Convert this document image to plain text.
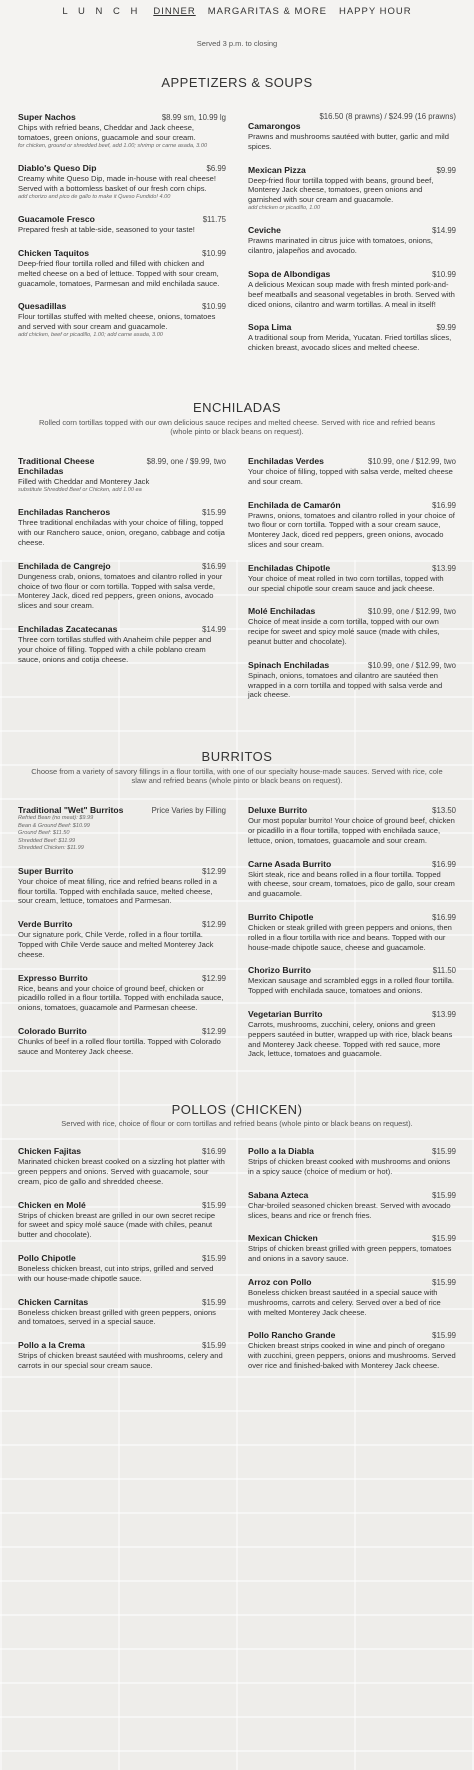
L U N C H DINNER MARGARITAS & MORE HAPPY HOUR
Served 3 p.m. to closing
APPETIZERS & SOUPS
Super Nachos	$8.99 sm, 10.99 lg
Chips with refried beans, Cheddar and Jack cheese, tomatoes, green onions, guacamole and sour cream.
for chicken, ground or shredded beef, add 1.00; shrimp or carne asada, 3.00
Diablo's Queso Dip	$6.99
Creamy white Queso Dip, made in-house with real cheese! Served with a bottomless basket of our fresh corn chips.
add chorizo and pico de gallo to make it Queso Fundido! 4.00
Guacamole Fresco	$11.75
Prepared fresh at table-side, seasoned to your taste!
Chicken Taquitos	$10.99
Deep-fried flour tortilla rolled and filled with chicken and melted cheese on a bed of lettuce. Topped with sour cream, guacamole, tomatoes, Parmesan and mild enchilada sauce.
Quesadillas	$10.99
Flour tortillas stuffed with melted cheese, onions, tomatoes and served with sour cream and guacamole.
add chicken, beef or picadillo, 1.00; add carne asada, 3.00
$16.50 (8 prawns) / $24.99 (16 prawns)
Camarongos
Prawns and mushrooms sautéed with butter, garlic and mild spices.
Mexican Pizza	$9.99
Deep-fried flour tortilla topped with beans, ground beef, Monterey Jack cheese, tomatoes, green onions and garnished with sour cream and guacamole.
add chicken or picadillo, 1.00
Ceviche	$14.99
Prawns marinated in citrus juice with tomatoes, onions, cilantro, jalapeños and avocado.
Sopa de Albondigas	$10.99
A delicious Mexican soup made with fresh minted pork-and-beef meatballs and seasonal vegetables in broth. Served with diced onions, cilantro and warm tortillas. A meal in itself!
Sopa Lima	$9.99
A traditional soup from Merida, Yucatan. Fried tortillas slices, chicken breast, avocado slices and melted cheese.
ENCHILADAS
Rolled corn tortillas topped with our own delicious sauce recipes and melted cheese. Served with rice and refried beans (whole pinto or black beans on request).
Traditional Cheese Enchiladas
$8.99, one / $9.99, two
Filled with Cheddar and Monterey Jack
substitute Shredded Beef or Chicken, add 1.00 ea
Enchiladas Rancheros	$15.99
Three traditional enchiladas with your choice of filling, topped with our Ranchero sauce, onion, oregano, cabbage and cotija cheese.
Enchilada de Cangrejo	$16.99
Dungeness crab, onions, tomatoes and cilantro rolled in your choice of two flour or corn tortilla. Topped with salsa verde, Monterey Jack, diced red peppers, green onions, avocado slices and sour cream.
Enchiladas Zacatecanas	$14.99
Three corn tortillas stuffed with Anaheim chile pepper and your choice of filling. Topped with a chile poblano cream sauce, onions and cotija cheese.
Enchiladas Verdes	$10.99, one / $12.99, two
Your choice of filling, topped with salsa verde, melted cheese and sour cream.
Enchilada de Camarón	$16.99
Prawns, onions, tomatoes and cilantro rolled in your choice of two flour or corn tortilla. Topped with a sour cream sauce, Monterey Jack, diced red peppers, green onions, avocado slices and sour cream.
Enchiladas Chipotle	$13.99
Your choice of meat rolled in two corn tortillas, topped with our special chipotle sour cream sauce and jack cheese.
Molé Enchiladas	$10.99, one / $12.99, two
Choice of meat inside a corn tortilla, topped with our own recipe for sweet and spicy molé sauce (made with chiles, peanut butter and chocolate).
Spinach Enchiladas	$10.99, one / $12.99, two
Spinach, onions, tomatoes and cilantro are sautéed then wrapped in a corn tortilla and topped with salsa verde and jack cheese.
BURRITOS
Choose from a variety of savory fillings in a flour tortilla, with one of our specialty house-made sauces. Served with rice, cole slaw and refried beans (whole pinto or black beans on request).
Traditional "Wet" Burritos	Price Varies by Filling
Refried Bean (no meat): $9.99
Bean & Ground Beef: $10.99
Ground Beef: $11.50
Shredded Beef: $11.99
Shredded Chicken: $11.99
Super Burrito	$12.99
Your choice of meat filling, rice and refried beans rolled in a flour tortilla. Topped with enchilada sauce, melted cheese, sour cream, lettuce, tomatoes and Parmesan.
Verde Burrito	$12.99
Our signature pork, Chile Verde, rolled in a flour tortilla. Topped with Chile Verde sauce and melted Monterey Jack cheese.
Expresso Burrito	$12.99
Rice, beans and your choice of ground beef, chicken or picadillo rolled in a flour tortilla. Topped with enchilada sauce, onions, tomatoes, guacamole and Parmesan cheese.
Colorado Burrito	$12.99
Chunks of beef in a rolled flour tortilla. Topped with Colorado sauce and Monterey Jack cheese.
Deluxe Burrito	$13.50
Our most popular burrito! Your choice of ground beef, chicken or picadillo in a flour tortilla, topped with enchilada sauce, lettuce, onion, tomatoes, guacamole and sour cream.
Carne Asada Burrito	$16.99
Skirt steak, rice and beans rolled in a flour tortilla. Topped with cheese, sour cream, tomatoes, pico de gallo, sour cream and guacamole.
Burrito Chipotle	$16.99
Chicken or steak grilled with green peppers and onions, then rolled in a flour tortilla with rice and beans. Topped with our house-made chipotle sauce, cheese and guacamole.
Chorizo Burrito	$11.50
Mexican sausage and scrambled eggs in a rolled flour tortilla. Topped with enchilada sauce, tomatoes and onions.
Vegetarian Burrito	$13.99
Carrots, mushrooms, zucchini, celery, onions and green peppers sautéed in butter, wrapped up with rice, black beans and Monterey Jack cheese. Topped with red sauce, more Jack, lettuce, tomatoes and guacamole.
POLLOS (CHICKEN)
Served with rice, choice of flour or corn tortillas and refried beans (whole pinto or black beans on request).
Chicken Fajitas	$16.99
Marinated chicken breast cooked on a sizzling hot platter with green peppers and onions. Served with guacamole, sour cream, pico de gallo and shredded cheese.
Chicken en Molé	$15.99
Strips of chicken breast are grilled in our own secret recipe for sweet and spicy molé sauce (made with chiles, peanut butter and chocolate).
Pollo Chipotle	$15.99
Boneless chicken breast, cut into strips, grilled and served with our house-made chipotle sauce.
Chicken Carnitas	$15.99
Boneless chicken breast grilled with green peppers, onions and tomatoes, served in a special sauce.
Pollo a la Crema	$15.99
Strips of chicken breast sautéed with mushrooms, celery and carrots in our special sour cream sauce.
Pollo a la Diabla	$15.99
Strips of chicken breast cooked with mushrooms and onions in a spicy sauce (choice of medium or hot).
Sabana Azteca	$15.99
Char-broiled seasoned chicken breast. Served with avocado slices, beans and rice or french fries.
Mexican Chicken	$15.99
Strips of chicken breast grilled with green peppers, tomatoes and onions in a savory sauce.
Arroz con Pollo	$15.99
Boneless chicken breast sautéed in a special sauce with mushrooms, carrots and celery. Served over a bed of rice with melted Monterey Jack cheese.
Pollo Rancho Grande	$15.99
Chicken breast strips cooked in wine and pinch of oregano with zucchini, green peppers, onions and mushrooms. Served over rice and finished-baked with Monterey Jack cheese.
